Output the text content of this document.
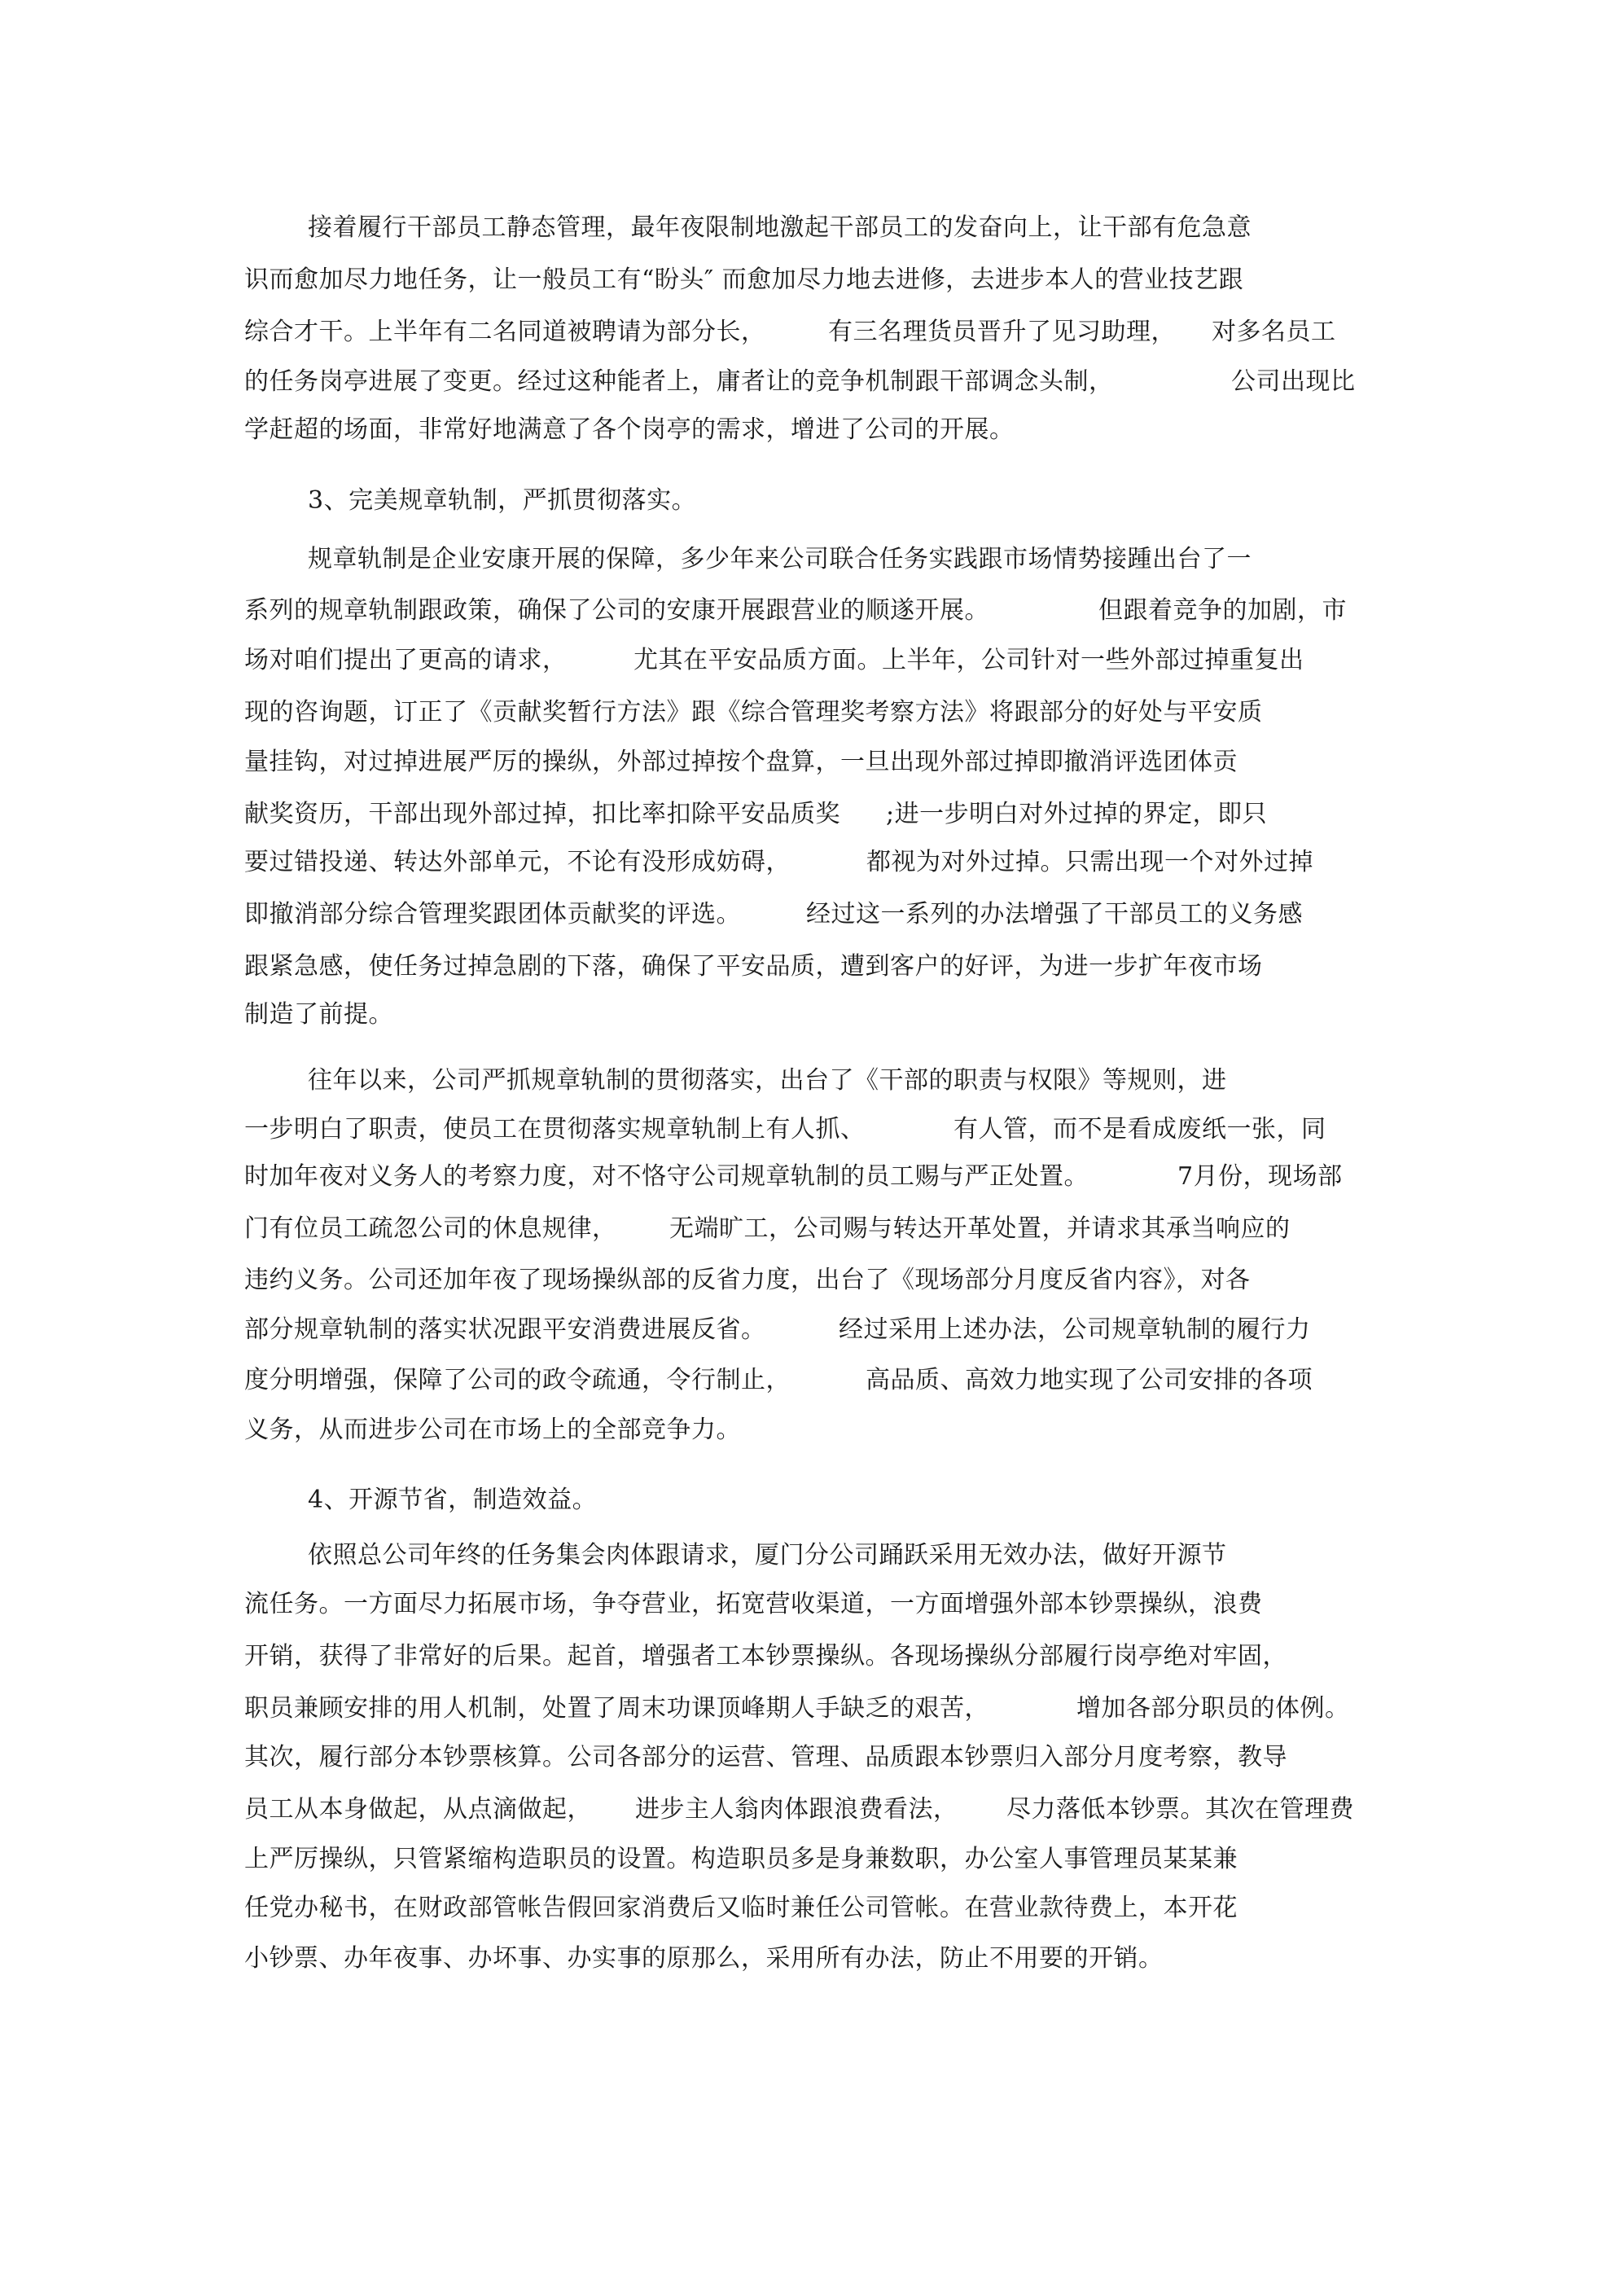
接着履行干部员工静态管理，最年夜限制地激起干部员工的发奋向上，让干部有危急意

识而愈加尽力地任务，让一般员工有“盼头″ 而愈加尽力地去进修，去进步本人的营业技艺跟

综合才干。上半年有二名同道被聘请为部分长，

	有三名理货员晋升了见习助理，

对多名员工

的任务岗亭进展了变更。经过这种能者上，庸者让的竞争机制跟干部调念头制，

	公司出现比

学赶超的场面，非常好地满意了各个岗亭的需求，增进了公司的开展。

3、完美规章轨制，严抓贯彻落实。

规章轨制是企业安康开展的保障，多少年来公司联合任务实践跟市场情势接踵出台了一

系列的规章轨制跟政策，确保了公司的安康开展跟营业的顺遂开展。

	但跟着竞争的加剧，市

场对咱们提出了更高的请求，

	尤其在平安品质方面。上半年，公司针对一些外部过掉重复出

现的咨询题，订正了《贡献奖暂行方法》跟《综合管理奖考察方法》将跟部分的好处与平安质

量挂钩，对过掉进展严厉的操纵，外部过掉按个盘算，一旦出现外部过掉即撤消评选团体贡

献奖资历，干部出现外部过掉，扣比率扣除平安品质奖

;进一步明白对外过掉的界定，即只

要过错投递、转达外部单元，不论有没形成妨碍，

	都视为对外过掉。只需出现一个对外过掉

即撤消部分综合管理奖跟团体贡献奖的评选。

	经过这一系列的办法增强了干部员工的义务感

跟紧急感，使任务过掉急剧的下落，确保了平安品质，遭到客户的好评，为进一步扩年夜市场

制造了前提。

往年以来，公司严抓规章轨制的贯彻落实，出台了《干部的职责与权限》等规则，进

一步明白了职责，使员工在贯彻落实规章轨制上有人抓、

	有人管，而不是看成废纸一张，同

时加年夜对义务人的考察力度，对不恪守公司规章轨制的员工赐与严正处置。

	7月份，现场部

门有位员工疏忽公司的休息规律，

无端旷工，公司赐与转达开革处置，并请求其承当响应的

违约义务。公司还加年夜了现场操纵部的反省力度，出台了《现场部分月度反省内容》，对各

部分规章轨制的落实状况跟平安消费进展反省。

	经过采用上述办法，公司规章轨制的履行力

度分明增强，保障了公司的政令疏通，令行制止，

	高品质、高效力地实现了公司安排的各项

义务，从而进步公司在市场上的全部竞争力。

4、开源节省，制造效益。

依照总公司年终的任务集会肉体跟请求，厦门分公司踊跃采用无效办法，做好开源节

流任务。一方面尽力拓展市场，争夺营业，拓宽营收渠道，一方面增强外部本钞票操纵，浪费

开销，获得了非常好的后果。起首，增强者工本钞票操纵。各现场操纵分部履行岗亭绝对牢固，

职员兼顾安排的用人机制，处置了周末功课顶峰期人手缺乏的艰苦，

	增加各部分职员的体例。

其次，履行部分本钞票核算。公司各部分的运营、管理、品质跟本钞票归入部分月度考察，教导

员工从本身做起，从点滴做起，

进步主人翁肉体跟浪费看法，

尽力落低本钞票。其次在管理费

上严厉操纵，只管紧缩构造职员的设置。构造职员多是身兼数职，办公室人事管理员某某兼

任党办秘书，在财政部管帐告假回家消费后又临时兼任公司管帐。在营业款待费上，本开花

小钞票、办年夜事、办坏事、办实事的原那么，采用所有办法，防止不用要的开销。
